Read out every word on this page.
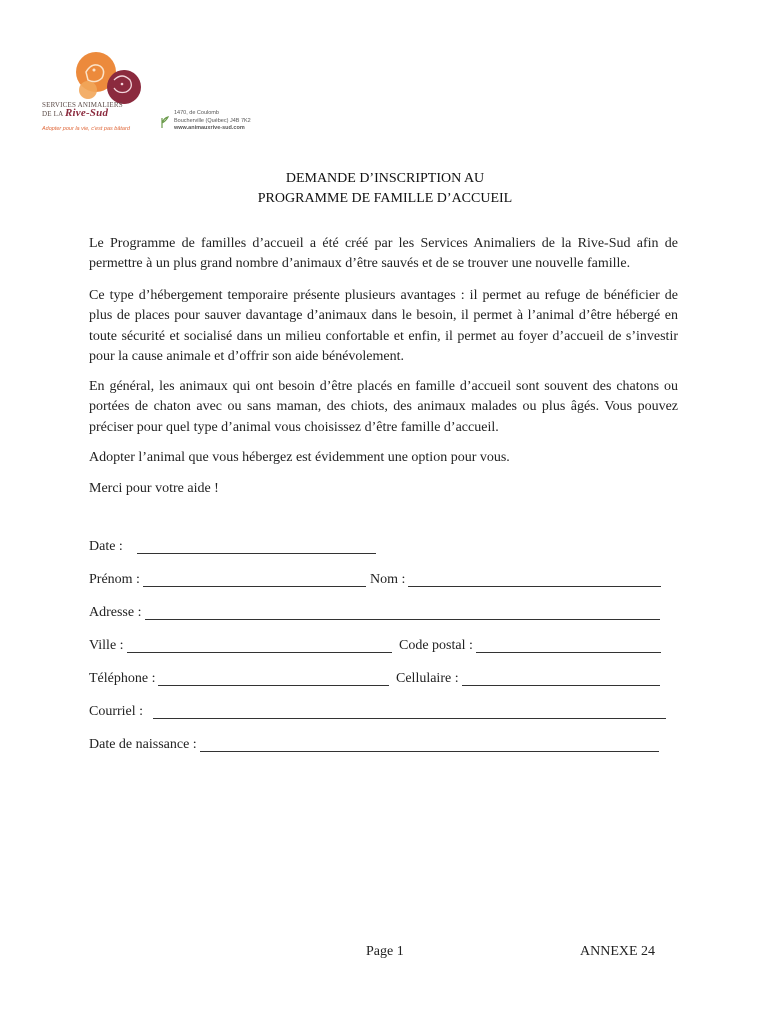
SERVICES ANIMALIERS
DE LA Rive-Sud
Adopter pour la vie, c'est pas bâtard
1470, de Coulomb
Boucherville (Québec) J4B 7K2
www.animauxrive-sud.com
DEMANDE D’INSCRIPTION AU
PROGRAMME DE FAMILLE D’ACCUEIL

Le Programme de familles d’accueil a été créé par les Services Animaliers de la Rive-Sud afin de permettre à un plus grand nombre d’animaux d’être sauvés et de se trouver une nouvelle famille.

Ce type d’hébergement temporaire présente plusieurs avantages : il permet au refuge de bénéficier de plus de places pour sauver davantage d’animaux dans le besoin, il permet à l’animal d’être hébergé en toute sécurité et socialisé dans un milieu confortable et enfin, il permet au foyer d’accueil de s’investir pour la cause animale et d’offrir son aide bénévolement.

En général, les animaux qui ont besoin d’être placés en famille d’accueil sont souvent des chatons ou portées de chaton avec ou sans maman, des chiots, des animaux malades ou plus âgés. Vous pouvez préciser pour quel type d’animal vous choisissez d’être famille d’accueil.

Adopter l’animal que vous hébergez est évidemment une option pour vous.

Merci pour votre aide !

Date :
Prénom :	Nom :
Adresse :
Ville :	Code postal :
Téléphone :	Cellulaire :
Courriel :
Date de naissance :
Page 1	ANNEXE 24
